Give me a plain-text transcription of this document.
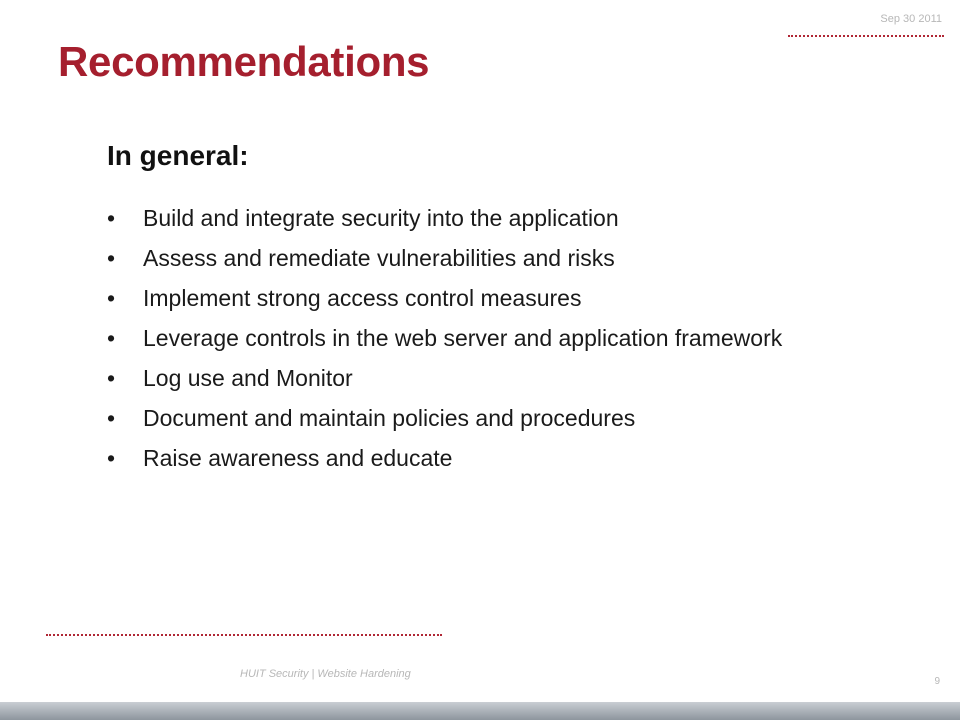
Sep 30 2011
Recommendations
In general:
•	Build and integrate security into the application
•	Assess and remediate vulnerabilities and risks
•	Implement strong access control measures
•	Leverage controls in the web server and application framework
•	Log use and Monitor
•	Document and maintain policies and procedures
•	Raise awareness and educate
HUIT Security | Website Hardening
9
